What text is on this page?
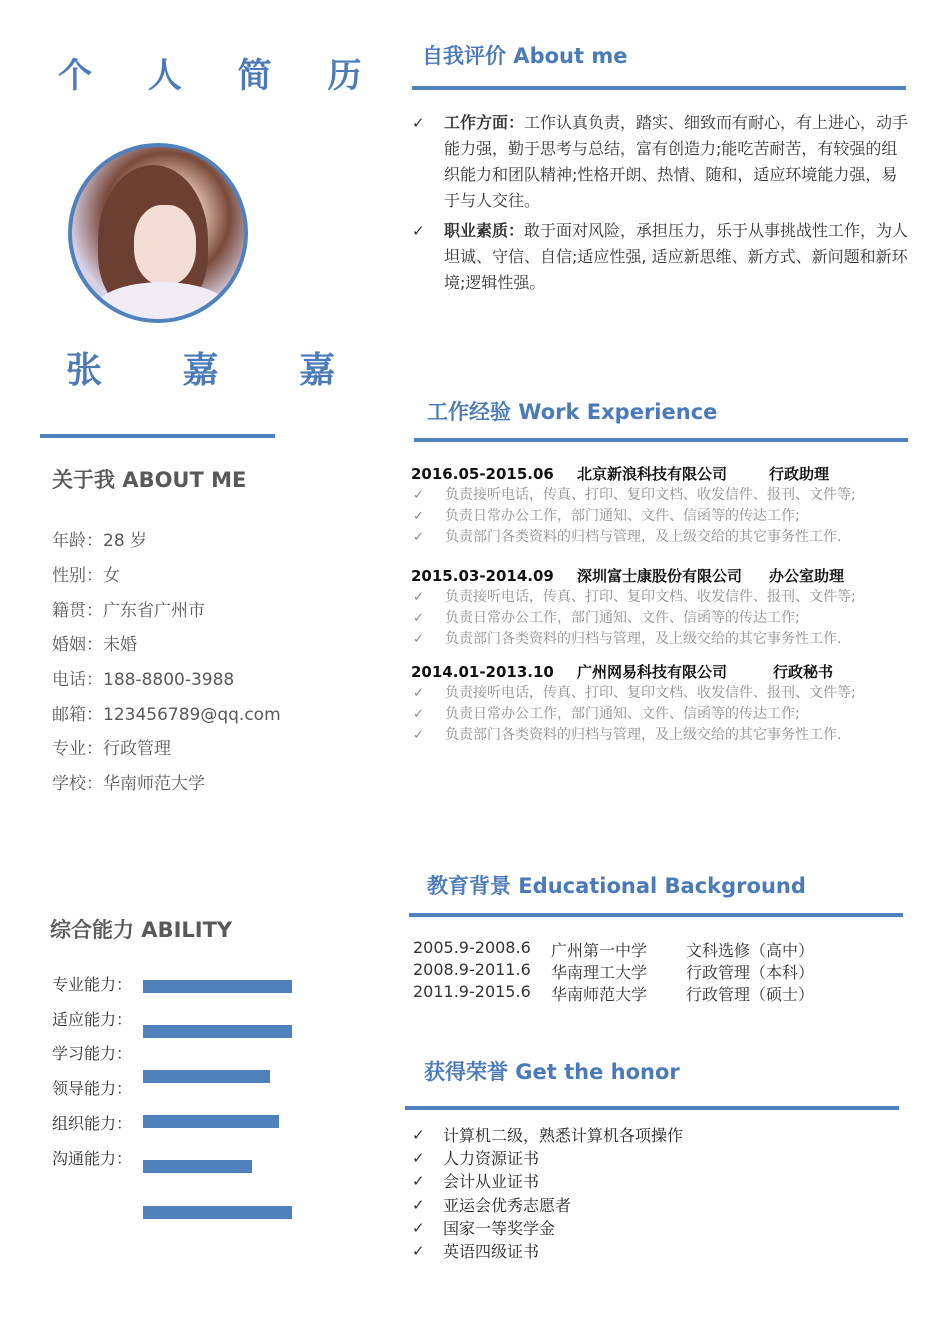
个 人 简 历
张 嘉 嘉
关于我 ABOUT ME
年龄：28 岁
性别：女
籍贯：广东省广州市
婚姻：未婚
电话：188-8800-3988
邮箱：123456789@qq.com
专业：行政管理
学校：华南师范大学
综合能力 ABILITY
专业能力：
适应能力：
学习能力：
领导能力：
组织能力：
沟通能力：
自我评价 About me
✓ 工作方面：工作认真负责，踏实、细致而有耐心，有上进心，动手能力强，勤于思考与总结，富有创造力;能吃苦耐苦，有较强的组织能力和团队精神;性格开朗、热情、随和，适应环境能力强，易于与人交往。
✓ 职业素质：敢于面对风险，承担压力，乐于从事挑战性工作，为人坦诚、守信、自信;适应性强, 适应新思维、新方式、新问题和新环境;逻辑性强。
工作经验 Work Experience
2016.05-2015.06 北京新浪科技有限公司	行政助理
✓ 负责接听电话，传真、打印、复印文档、收发信件、报刊、文件等;
✓ 负责日常办公工作，部门通知、文件、信函等的传达工作;
✓ 负责部门各类资料的归档与管理，及上级交给的其它事务性工作.
2015.03-2014.09 深圳富士康股份有限公司 办公室助理
✓ 负责接听电话，传真、打印、复印文档、收发信件、报刊、文件等;
✓ 负责日常办公工作，部门通知、文件、信函等的传达工作;
✓ 负责部门各类资料的归档与管理，及上级交给的其它事务性工作.
2014.01-2013.10 广州网易科技有限公司	行政秘书
✓ 负责接听电话，传真、打印、复印文档、收发信件、报刊、文件等;
✓ 负责日常办公工作，部门通知、文件、信函等的传达工作;
✓ 负责部门各类资料的归档与管理，及上级交给的其它事务性工作.
教育背景 Educational Background
2005.9-2008.6 广州第一中学 文科选修（高中）
2008.9-2011.6 华南理工大学 行政管理（本科）
2011.9-2015.6 华南师范大学 行政管理（硕士）
获得荣誉 Get the honor
✓ 计算机二级，熟悉计算机各项操作
✓ 人力资源证书
✓ 会计从业证书
✓ 亚运会优秀志愿者
✓ 国家一等奖学金
✓ 英语四级证书
